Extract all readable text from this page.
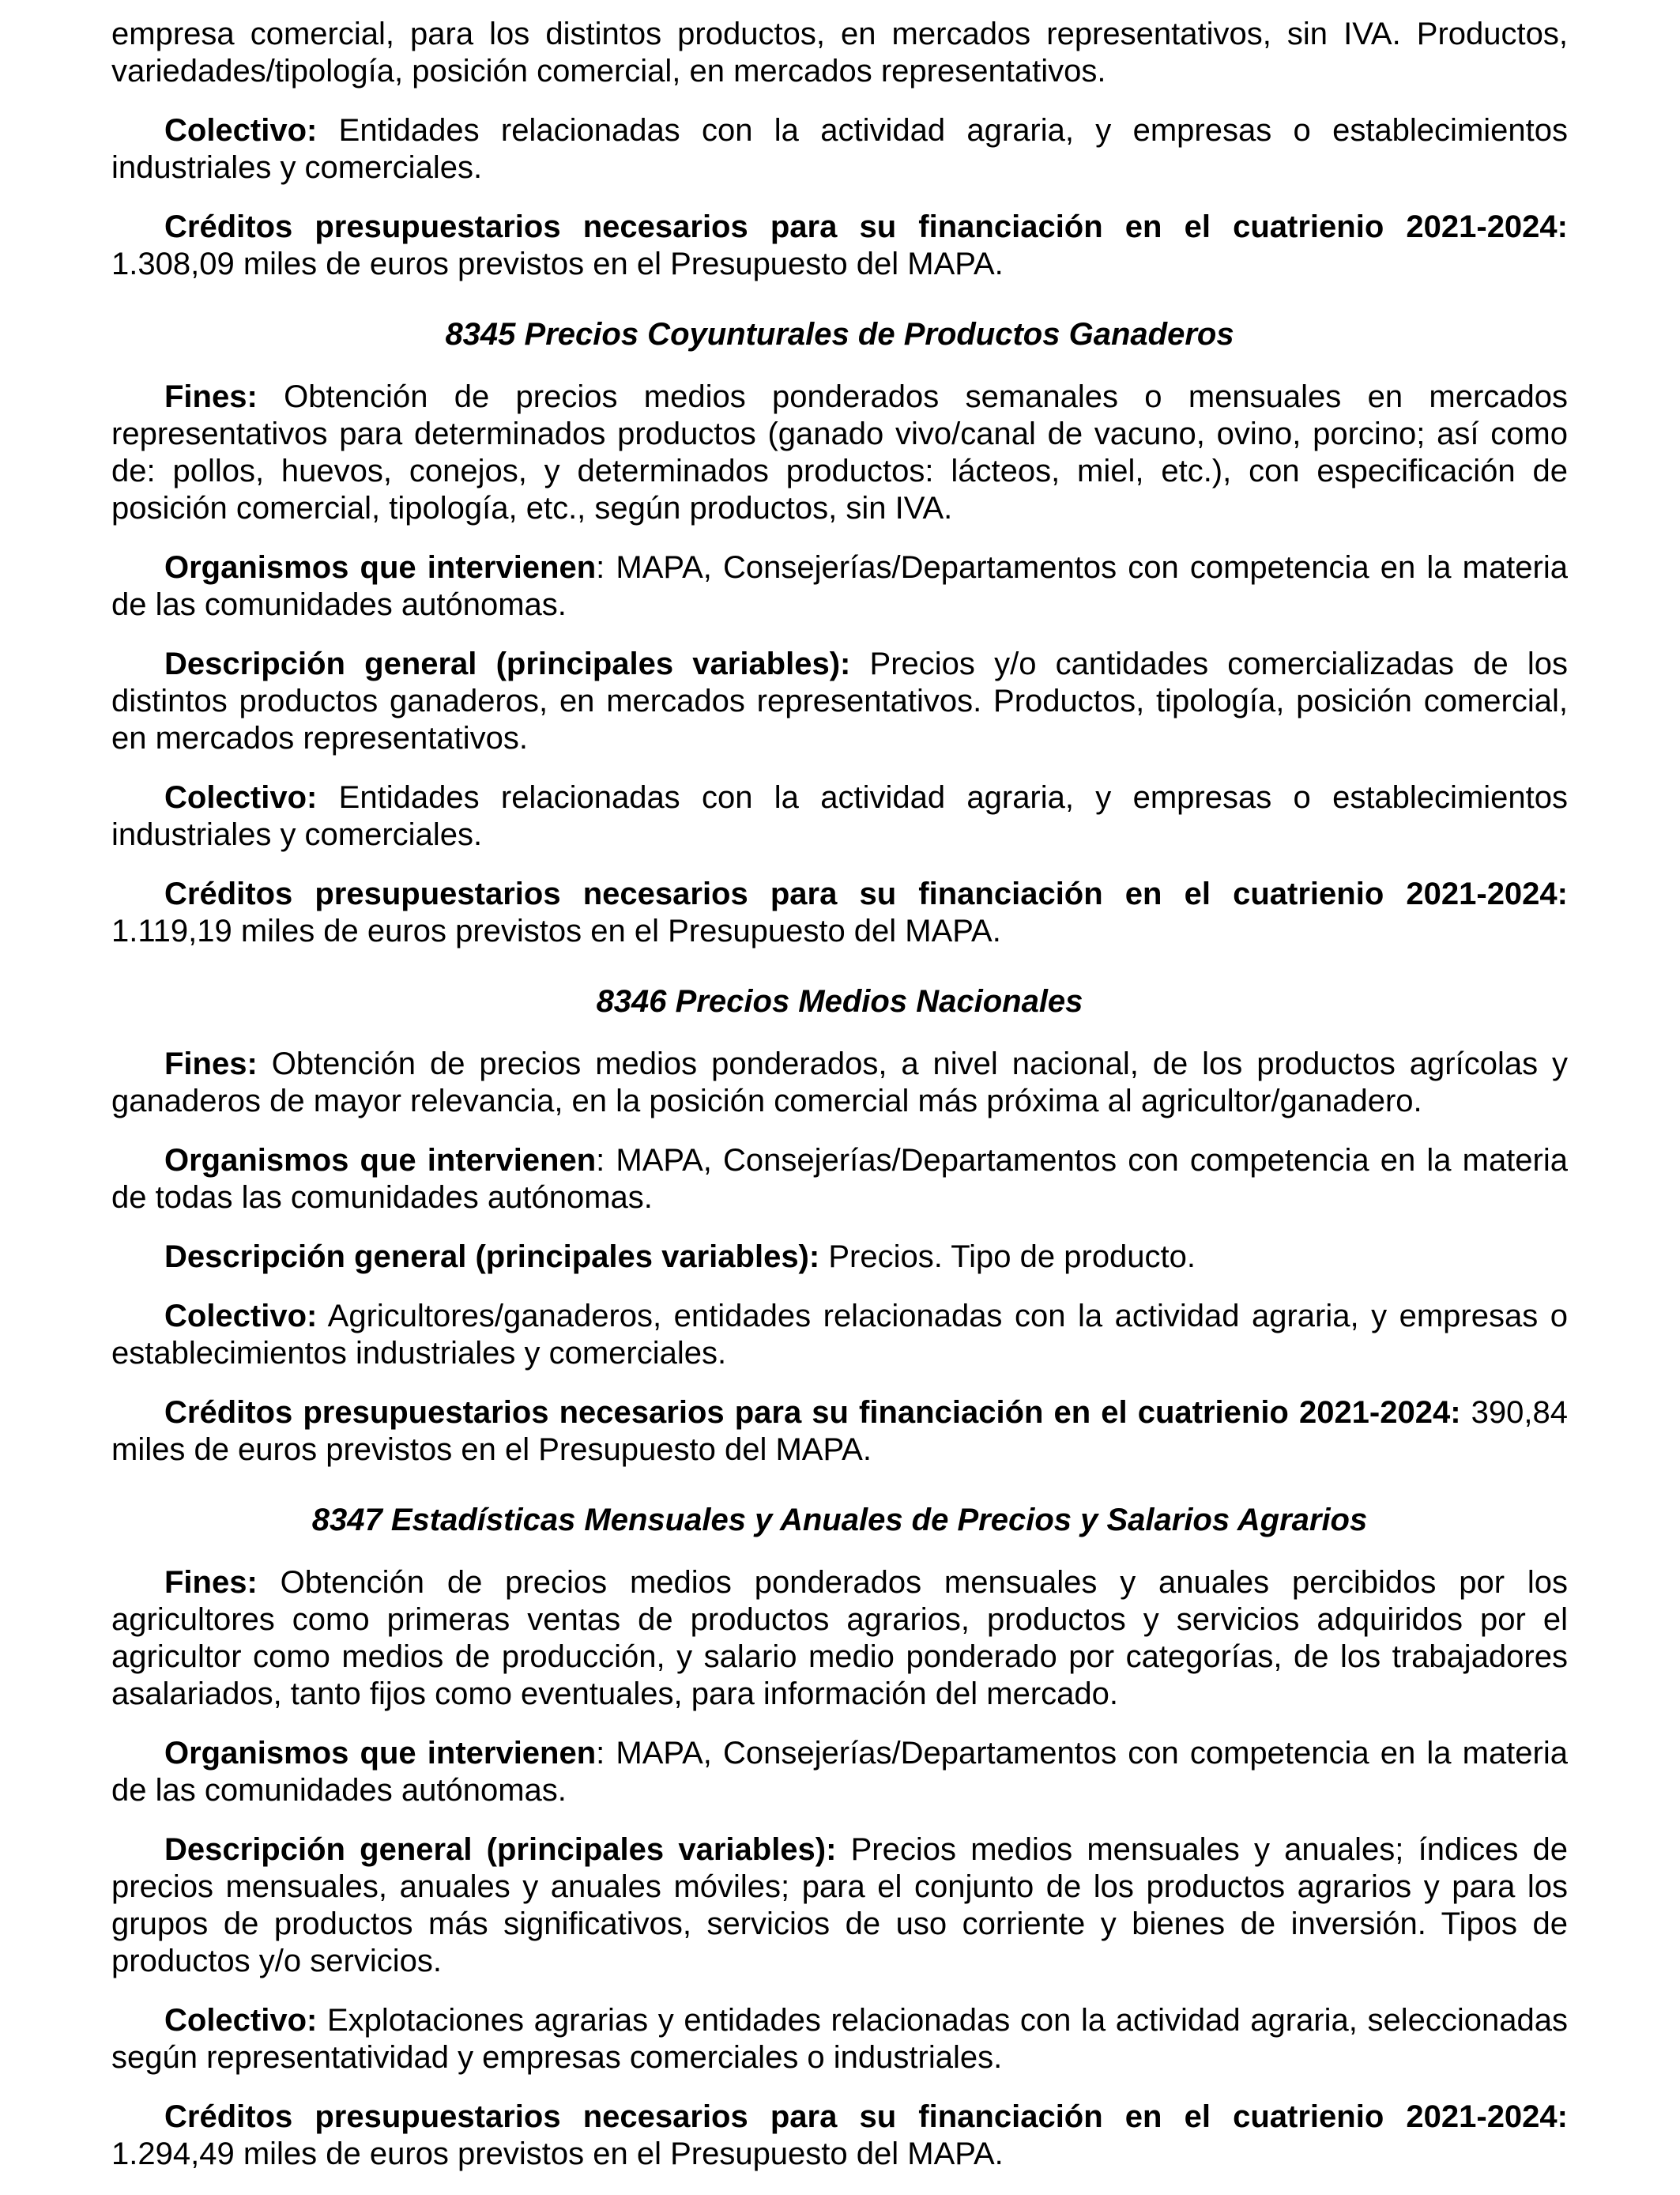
empresa comercial, para los distintos productos, en mercados representativos, sin IVA. Productos, variedades/tipología, posición comercial, en mercados representativos.

Colectivo: Entidades relacionadas con la actividad agraria, y empresas o establecimientos industriales y comerciales.

Créditos presupuestarios necesarios para su financiación en el cuatrienio 2021-2024: 1.308,09 miles de euros previstos en el Presupuesto del MAPA.

8345 Precios Coyunturales de Productos Ganaderos

Fines: Obtención de precios medios ponderados semanales o mensuales en mercados representativos para determinados productos (ganado vivo/canal de vacuno, ovino, porcino; así como de: pollos, huevos, conejos, y determinados productos: lácteos, miel, etc.), con especificación de posición comercial, tipología, etc., según productos, sin IVA.

Organismos que intervienen: MAPA, Consejerías/Departamentos con competencia en la materia de las comunidades autónomas.

Descripción general (principales variables): Precios y/o cantidades comercializadas de los distintos productos ganaderos, en mercados representativos. Productos, tipología, posición comercial, en mercados representativos.

Colectivo: Entidades relacionadas con la actividad agraria, y empresas o establecimientos industriales y comerciales.

Créditos presupuestarios necesarios para su financiación en el cuatrienio 2021-2024: 1.119,19 miles de euros previstos en el Presupuesto del MAPA.

8346 Precios Medios Nacionales

Fines: Obtención de precios medios ponderados, a nivel nacional, de los productos agrícolas y ganaderos de mayor relevancia, en la posición comercial más próxima al agricultor/ganadero.

Organismos que intervienen: MAPA, Consejerías/Departamentos con competencia en la materia de todas las comunidades autónomas.

Descripción general (principales variables): Precios. Tipo de producto.

Colectivo: Agricultores/ganaderos, entidades relacionadas con la actividad agraria, y empresas o establecimientos industriales y comerciales.

Créditos presupuestarios necesarios para su financiación en el cuatrienio 2021-2024: 390,84 miles de euros previstos en el Presupuesto del MAPA.

8347 Estadísticas Mensuales y Anuales de Precios y Salarios Agrarios

Fines: Obtención de precios medios ponderados mensuales y anuales percibidos por los agricultores como primeras ventas de productos agrarios, productos y servicios adquiridos por el agricultor como medios de producción, y salario medio ponderado por categorías, de los trabajadores asalariados, tanto fijos como eventuales, para información del mercado.

Organismos que intervienen: MAPA, Consejerías/Departamentos con competencia en la materia de las comunidades autónomas.

Descripción general (principales variables): Precios medios mensuales y anuales; índices de precios mensuales, anuales y anuales móviles; para el conjunto de los productos agrarios y para los grupos de productos más significativos, servicios de uso corriente y bienes de inversión. Tipos de productos y/o servicios.

Colectivo: Explotaciones agrarias y entidades relacionadas con la actividad agraria, seleccionadas según representatividad y empresas comerciales o industriales.

Créditos presupuestarios necesarios para su financiación en el cuatrienio 2021-2024: 1.294,49 miles de euros previstos en el Presupuesto del MAPA.
